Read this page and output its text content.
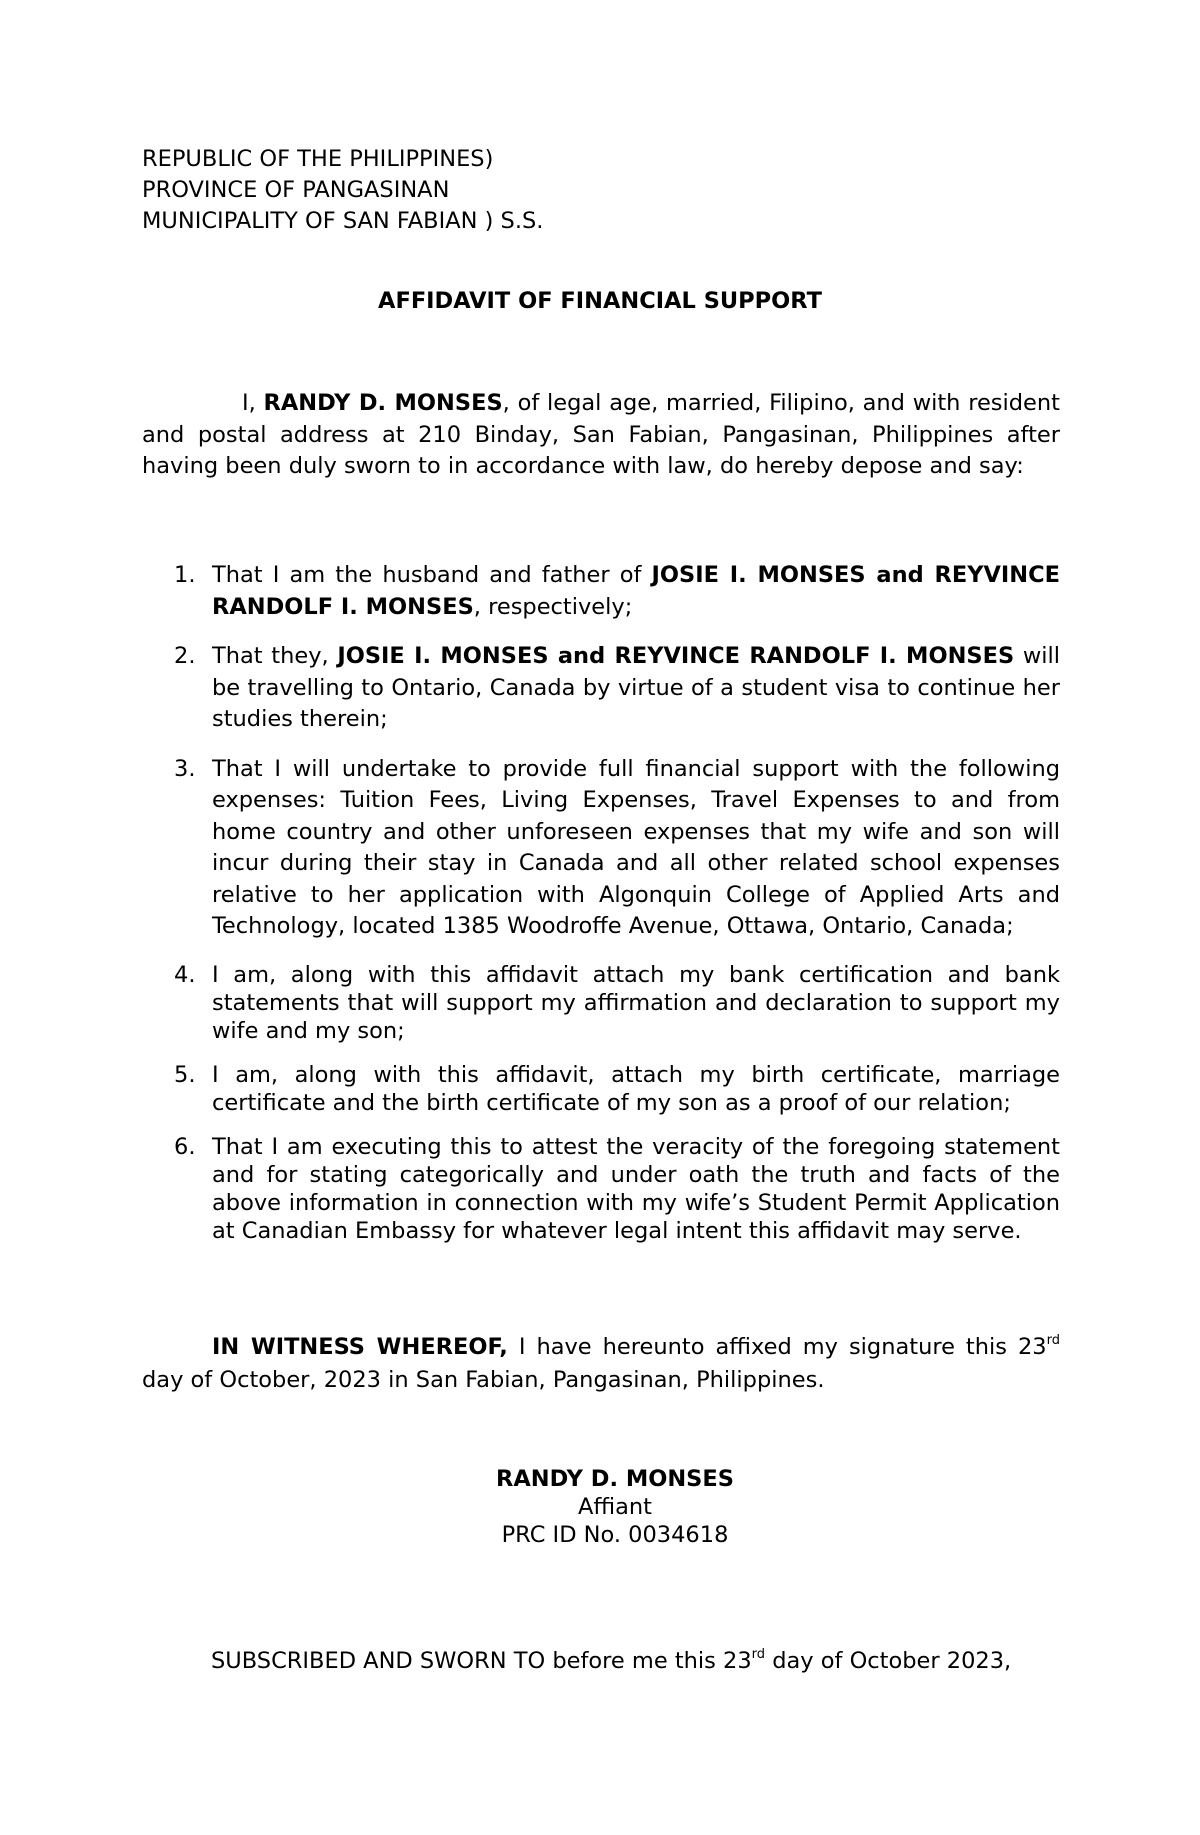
REPUBLIC OF THE PHILIPPINES)
PROVINCE OF PANGASINAN
MUNICIPALITY OF SAN FABIAN ) S.S.
AFFIDAVIT OF FINANCIAL SUPPORT
I, RANDY D. MONSES, of legal age, married, Filipino, and with resident and postal address at 210 Binday, San Fabian, Pangasinan, Philippines after having been duly sworn to in accordance with law, do hereby depose and say:
1. That I am the husband and father of JOSIE I. MONSES and REYVINCE RANDOLF I. MONSES, respectively;
2. That they, JOSIE I. MONSES and REYVINCE RANDOLF I. MONSES will be travelling to Ontario, Canada by virtue of a student visa to continue her studies therein;
3. That I will undertake to provide full financial support with the following expenses: Tuition Fees, Living Expenses, Travel Expenses to and from home country and other unforeseen expenses that my wife and son will incur during their stay in Canada and all other related school expenses relative to her application with Algonquin College of Applied Arts and Technology, located 1385 Woodroffe Avenue, Ottawa, Ontario, Canada;
4. I am, along with this affidavit attach my bank certification and bank statements that will support my affirmation and declaration to support my wife and my son;
5. I am, along with this affidavit, attach my birth certificate, marriage certificate and the birth certificate of my son as a proof of our relation;
6. That I am executing this to attest the veracity of the foregoing statement and for stating categorically and under oath the truth and facts of the above information in connection with my wife’s Student Permit Application at Canadian Embassy for whatever legal intent this affidavit may serve.
IN WITNESS WHEREOF, I have hereunto affixed my signature this 23rd day of October, 2023 in San Fabian, Pangasinan, Philippines.
RANDY D. MONSES
Affiant
PRC ID No. 0034618
SUBSCRIBED AND SWORN TO before me this 23rd day of October 2023,
